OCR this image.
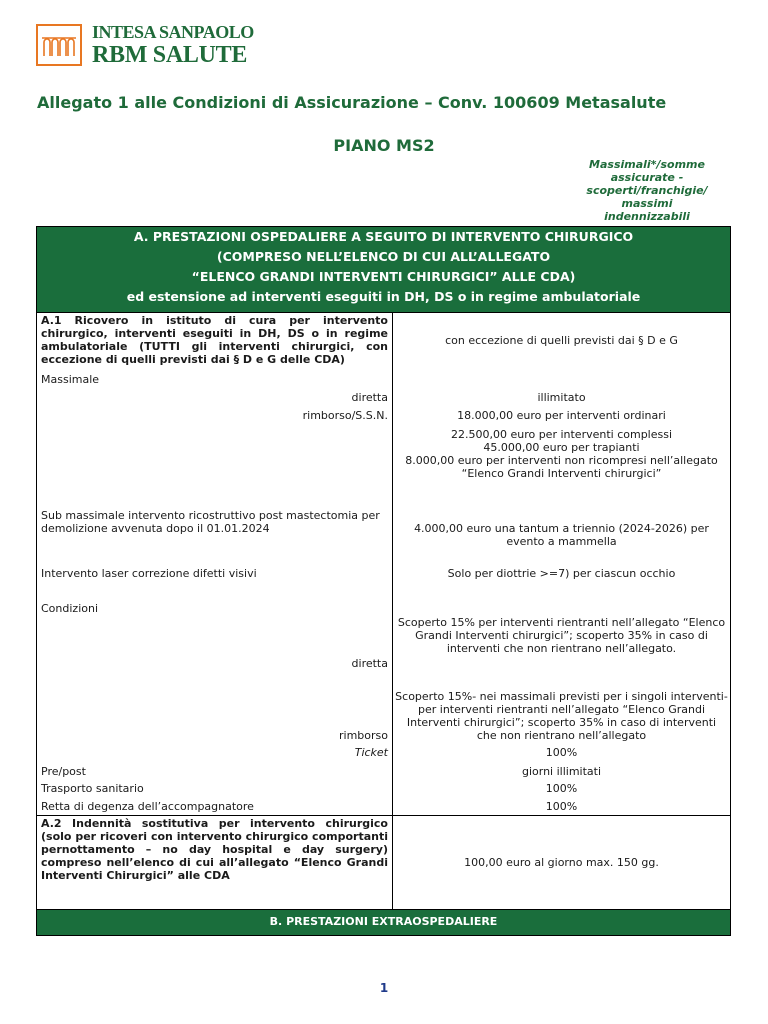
INTESA SANPAOLO
RBM SALUTE
Allegato 1 alle Condizioni di Assicurazione – Conv. 100609 Metasalute
PIANO MS2
Massimali*/somme
assicurate -
scoperti/franchigie/
massimi
indennizzabili
A. PRESTAZIONI OSPEDALIERE A SEGUITO DI INTERVENTO CHIRURGICO
(COMPRESO NELL’ELENCO DI CUI ALL’ALLEGATO
“ELENCO GRANDI INTERVENTI CHIRURGICI” ALLE CDA)
ed estensione ad interventi eseguiti in DH, DS o in regime ambulatoriale
A.1 Ricovero in istituto di cura per intervento chirurgico, interventi eseguiti in DH, DS o in regime ambulatoriale (TUTTI gli interventi chirurgici, con eccezione di quelli previsti dai § D e G delle CDA)
Massimale
diretta
rimborso/S.S.N.
Sub massimale intervento ricostruttivo post mastectomia per
demolizione avvenuta dopo il 01.01.2024
Intervento laser correzione difetti visivi
Condizioni
diretta
rimborso
Ticket
Pre/post
Trasporto sanitario
Retta di degenza dell’accompagnatore
con eccezione di quelli previsti dai § D e G
illimitato
18.000,00 euro per interventi ordinari
22.500,00 euro per interventi complessi
45.000,00 euro per trapianti
8.000,00 euro per interventi non ricompresi nell’allegato
“Elenco Grandi Interventi chirurgici”
4.000,00 euro una tantum a triennio (2024-2026) per
evento a mammella
Solo per diottrie >=7) per ciascun occhio
Scoperto 15% per interventi rientranti nell’allegato “Elenco
Grandi Interventi chirurgici”; scoperto 35% in caso di
interventi che non rientrano nell’allegato.
Scoperto 15%- nei massimali previsti per i singoli interventi-
per interventi rientranti nell’allegato “Elenco Grandi
Interventi chirurgici”; scoperto 35% in caso di interventi
che non rientrano nell’allegato
100%
giorni illimitati
100%
100%
A.2 Indennità sostitutiva per intervento chirurgico (solo per ricoveri con intervento chirurgico comportanti pernottamento – no day hospital e day surgery) compreso nell’elenco di cui all’allegato “Elenco Grandi Interventi Chirurgici” alle CDA
100,00 euro al giorno max. 150 gg.
B. PRESTAZIONI EXTRAOSPEDALIERE
1
